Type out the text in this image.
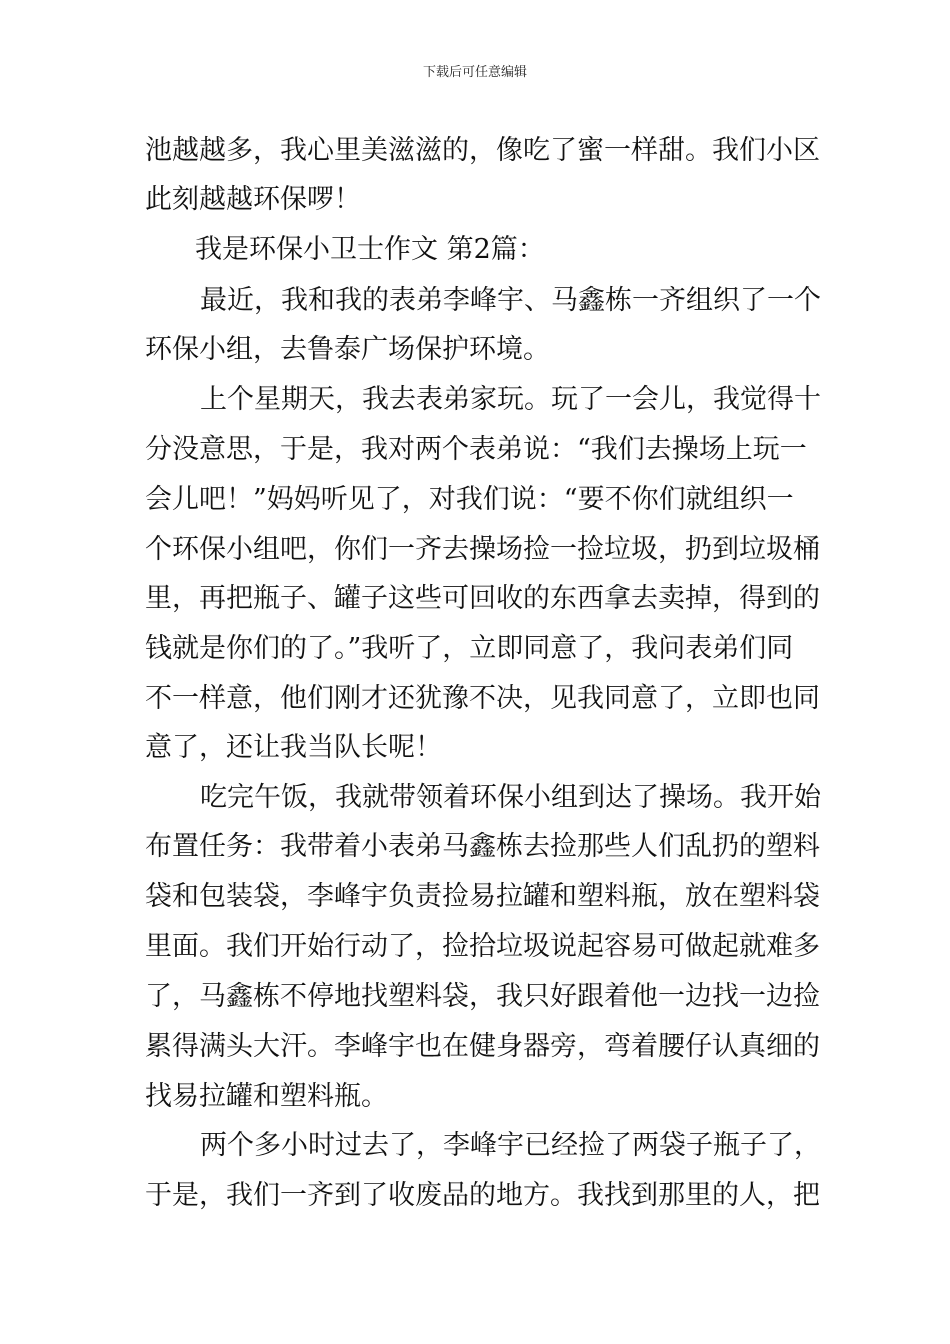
下载后可任意编辑
池越越多，我心里美滋滋的，像吃了蜜一样甜。我们小区
此刻越越环保啰！
我是环保小卫士作文 第2篇：
最近，我和我的表弟李峰宇、马鑫栋一齐组织了一个
环保小组，去鲁泰广场保护环境。
上个星期天，我去表弟家玩。玩了一会儿，我觉得十
分没意思，于是，我对两个表弟说：“我们去操场上玩一
会儿吧！”妈妈听见了，对我们说：“要不你们就组织一
个环保小组吧，你们一齐去操场捡一捡垃圾，扔到垃圾桶
里，再把瓶子、罐子这些可回收的东西拿去卖掉，得到的
钱就是你们的了。”我听了，立即同意了，我问表弟们同
不一样意，他们刚才还犹豫不决，见我同意了，立即也同
意了，还让我当队长呢！
吃完午饭，我就带领着环保小组到达了操场。我开始
布置任务：我带着小表弟马鑫栋去捡那些人们乱扔的塑料
袋和包装袋，李峰宇负责捡易拉罐和塑料瓶，放在塑料袋
里面。我们开始行动了，捡拾垃圾说起容易可做起就难多
了，马鑫栋不停地找塑料袋，我只好跟着他一边找一边捡
累得满头大汗。李峰宇也在健身器旁，弯着腰仔认真细的
找易拉罐和塑料瓶。
两个多小时过去了，李峰宇已经捡了两袋子瓶子了，
于是，我们一齐到了收废品的地方。我找到那里的人，把
